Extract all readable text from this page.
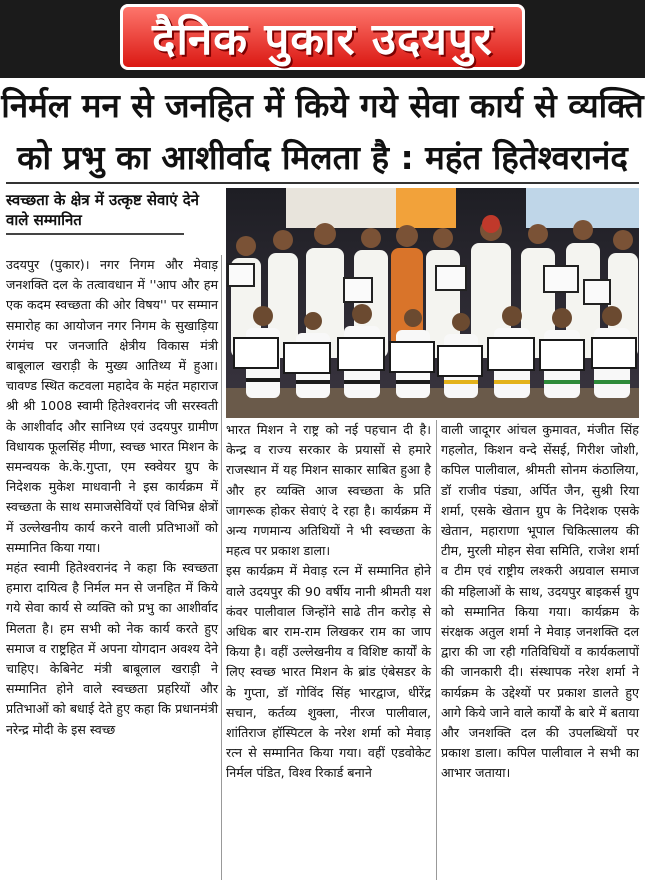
दैनिक पुकार उदयपुर
निर्मल मन से जनहित में किये गये सेवा कार्य से व्यक्ति
को प्रभु का आशीर्वाद मिलता है : महंत हितेश्वरानंद
स्वच्छता के क्षेत्र में उत्कृष्ट सेवाएं देने वाले सम्मानित
उदयपुर (पुकार)। नगर निगम और मेवाड़ जनशक्ति दल के तत्वावधान में ''आप और हम एक कदम स्वच्छता की ओर विषय'' पर सम्मान समारोह का आयोजन नगर निगम के सुखाड़िया रंगमंच पर जनजाति क्षेत्रीय विकास मंत्री बाबूलाल खराड़ी के मुख्य आतिथ्य में हुआ। चावण्ड स्थित कटवला महादेव के महंत महाराज श्री श्री 1008 स्वामी हितेश्वरानंद जी सरस्वती के आशीर्वाद और सानिध्य एवं उदयपुर ग्रामीण विधायक फूलसिंह मीणा, स्वच्छ भारत मिशन के समन्वयक के.के.गुप्ता, एम स्क्वेयर ग्रुप के निदेशक मुकेश माधवानी ने इस कार्यक्रम में स्वच्छता के साथ समाजसेवियों एवं विभिन्न क्षेत्रों में उल्लेखनीय कार्य करने वाली प्रतिभाओं को सम्मानित किया गया।
महंत स्वामी हितेश्वरानंद ने कहा कि स्वच्छता हमारा दायित्व है निर्मल मन से जनहित में किये गये सेवा कार्य से व्यक्ति को प्रभु का आशीर्वाद मिलता है। हम सभी को नेक कार्य करते हुए समाज व राष्ट्रहित में अपना योगदान अवश्य देने चाहिए। केबिनेट मंत्री बाबूलाल खराड़ी ने सम्मानित होने वाले स्वच्छता प्रहरियों और प्रतिभाओं को बधाई देते हुए कहा कि प्रधानमंत्री नरेन्द्र मोदी के इस स्वच्छ
भारत मिशन ने राष्ट्र को नई पहचान दी है। केन्द्र व राज्य सरकार के प्रयासों से हमारे राजस्थान में यह मिशन साकार साबित हुआ है और हर व्यक्ति आज स्वच्छता के प्रति जागरूक होकर सेवाएं दे रहा है। कार्यक्रम में अन्य गणमान्य अतिथियों ने भी स्वच्छता के महत्व पर प्रकाश डाला।
इस कार्यक्रम में मेवाड़ रत्न में सम्मानित होने वाले उदयपुर की 90 वर्षीय नानी श्रीमती यश कंवर पालीवाल जिन्होंने साढे तीन करोड़ से अधिक बार राम-राम लिखकर राम का जाप किया है। वहीं उल्लेखनीय व विशिष्ट कार्यों के लिए स्वच्छ भारत मिशन के ब्रांड एंबेसडर के के गुप्ता, डॉ गोविंद सिंह भारद्वाज, धीरेंद्र सचान, कर्तव्य शुक्ला, नीरज पालीवाल, शांतिराज हॉस्पिटल के नरेश शर्मा को मेवाड़ रत्न से सम्मानित किया गया। वहीं एडवोकेट निर्मल पंडित, विश्व रिकार्ड बनाने
वाली जादूगर आंचल कुमावत, मंजीत सिंह गहलोत, किशन वन्दे सेंसई, गिरीश जोशी, कपिल पालीवाल, श्रीमती सोनम कंठालिया, डॉ राजीव पंड्या, अर्पित जैन, सुश्री रिया शर्मा, एसके खेतान ग्रुप के निदेशक एसके खेतान, महाराणा भूपाल चिकित्सालय की टीम, मुरली मोहन सेवा समिति, राजेश शर्मा व टीम एवं राष्ट्रीय लश्करी अग्रवाल समाज की महिलाओं के साथ, उदयपुर बाइकर्स ग्रुप को सम्मानित किया गया। कार्यक्रम के संरक्षक अतुल शर्मा ने मेवाड़ जनशक्ति दल द्वारा की जा रही गतिविधियों व कार्यकलापों की जानकारी दी। संस्थापक नरेश शर्मा ने कार्यक्रम के उद्देश्यों पर प्रकाश डालते हुए आगे किये जाने वाले कार्यों के बारे में बताया और जनशक्ति दल की उपलब्धियों पर प्रकाश डाला। कपिल पालीवाल ने सभी का आभार जताया।
